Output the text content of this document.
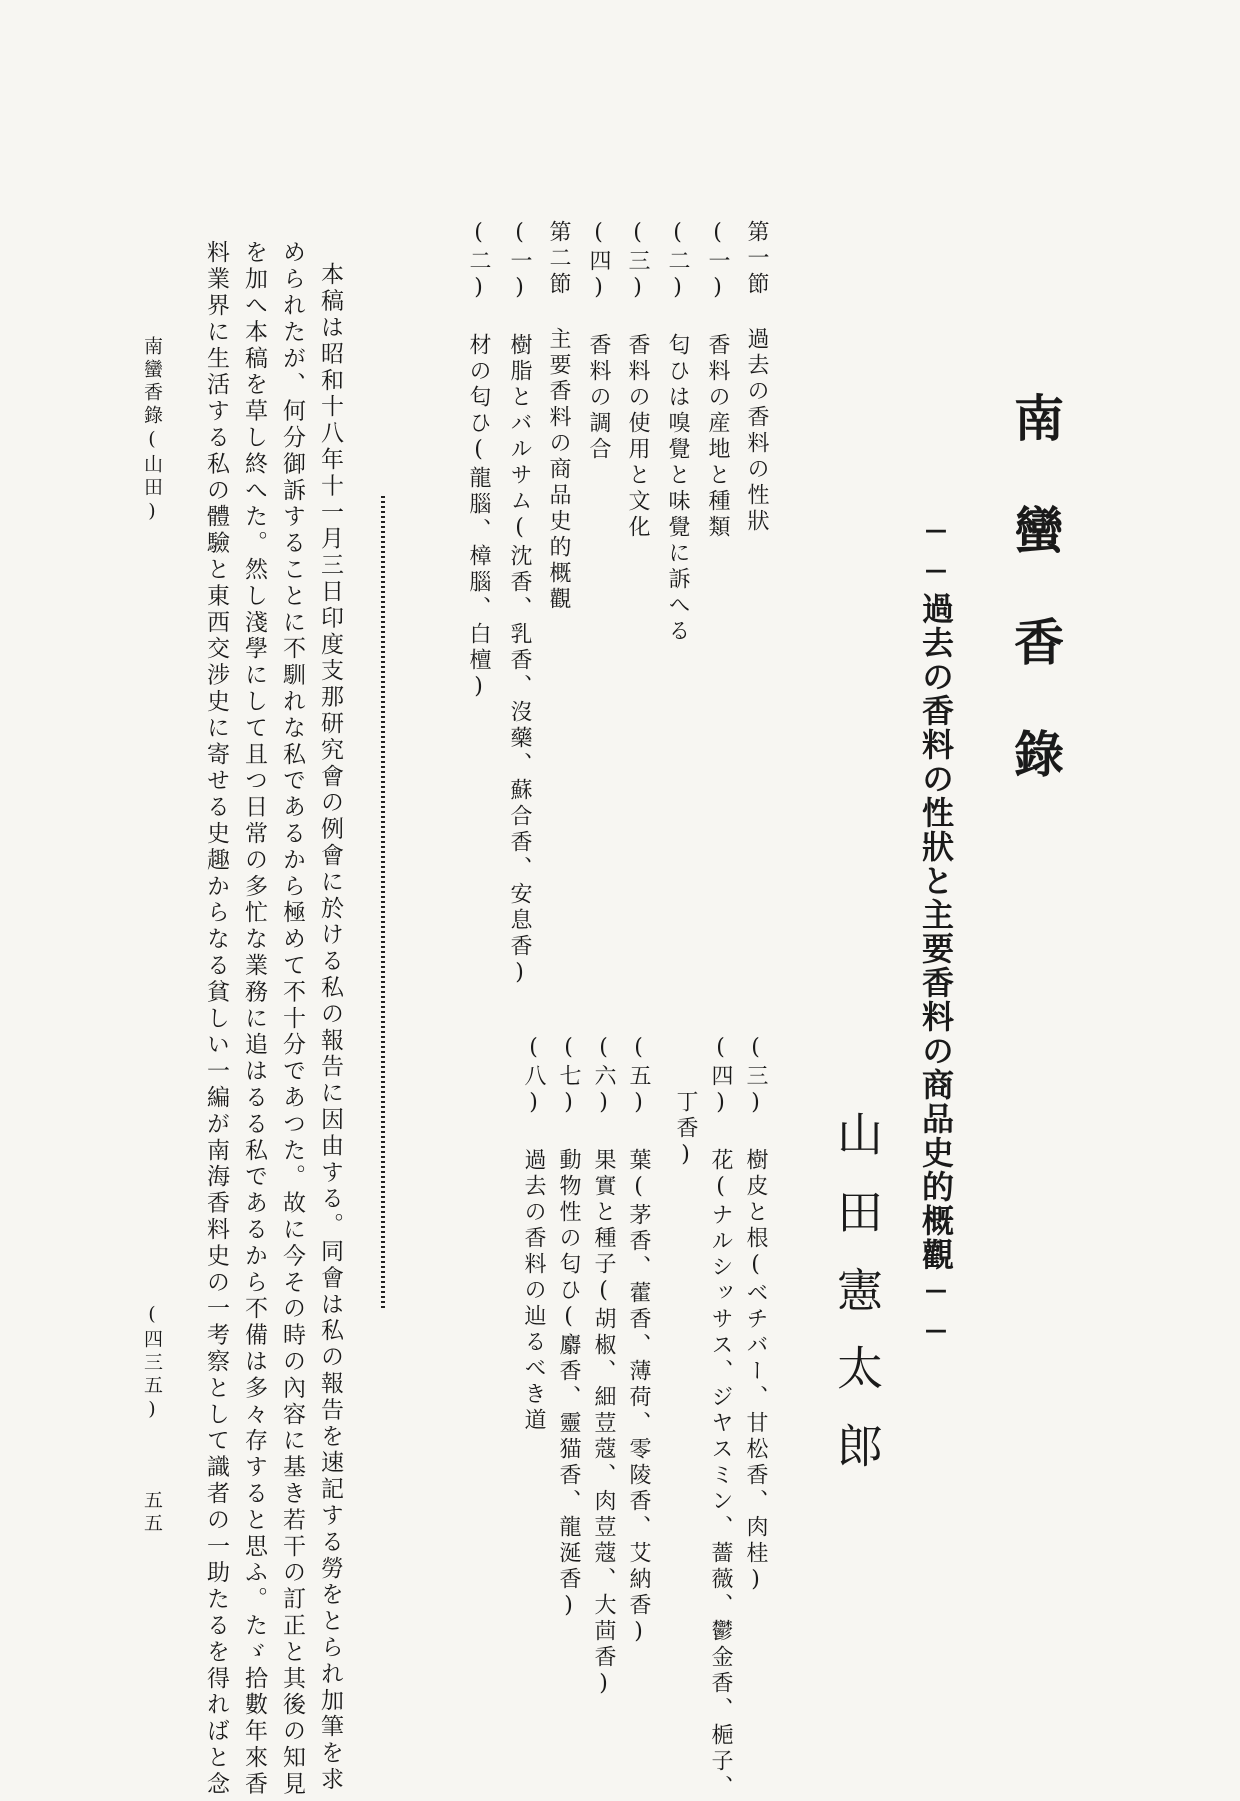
南蠻香錄
──過去の香料の性狀と主要香料の商品史的概觀──
山田憲太郎
(三) 樹皮と根(ベチバー、甘松香、肉桂)
(四) 花(ナルシッサス、ジヤスミン、薔薇、鬱金香、梔子、
丁香)
(五) 葉(茅香、藿香、薄荷、零陵香、艾納香)
(六) 果實と種子(胡椒、細荳蔻、肉荳蔻、大茴香)
(七) 動物性の匂ひ(麝香、靈猫香、龍涎香)
(八) 過去の香料の辿るべき道
第一節 過去の香料の性狀
(一) 香料の産地と種類
(二) 匂ひは嗅覺と味覺に訴へる
(三) 香料の使用と文化
(四) 香料の調合
第二節 主要香料の商品史的概觀
(一) 樹脂とバルサム(沈香、乳香、沒藥、蘇合香、安息香)
(二) 材の匂ひ(龍腦、樟腦、白檀)
本稿は昭和十八年十一月三日印度支那研究會の例會に於ける私の報告に因由する。同會は私の報告を速記する勞をとられ加筆を求
められたが、何分御訴することに不馴れな私であるから極めて不十分であつた。故に今その時の內容に基き若干の訂正と其後の知見
を加へ本稿を草し終へた。然し淺學にして且つ日常の多忙な業務に追はるる私であるから不備は多々存すると思ふ。たゞ拾數年來香
料業界に生活する私の體驗と東西交涉史に寄せる史趣からなる貧しい一編が南海香料史の一考察として識者の一助たるを得ればと念
南蠻香錄(山田)
(四三五)
五五
